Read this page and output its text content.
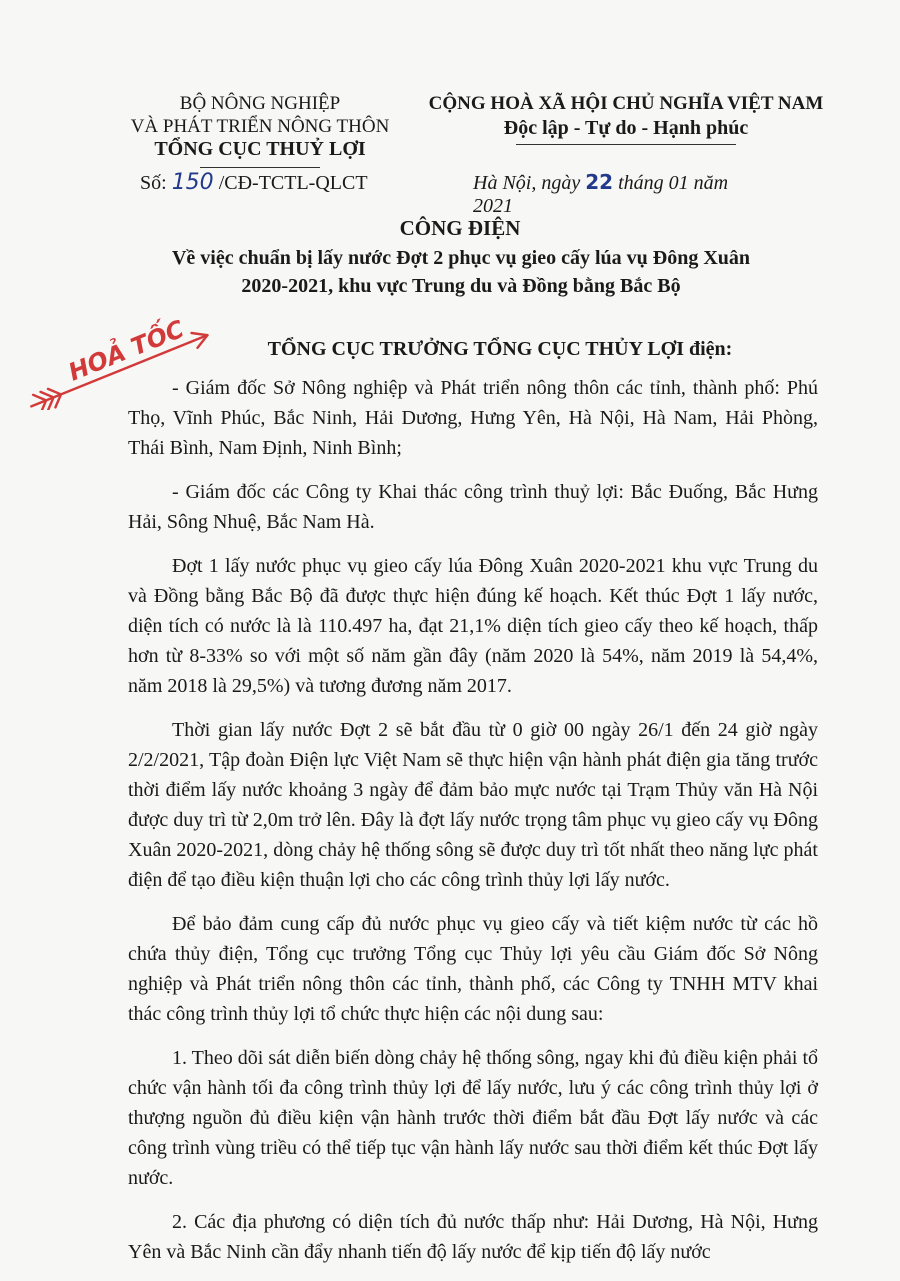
BỘ NÔNG NGHIỆP
VÀ PHÁT TRIỂN NÔNG THÔN
TỔNG CỤC THUỶ LỢI
CỘNG HOÀ XÃ HỘI CHỦ NGHĨA VIỆT NAM
Độc lập - Tự do - Hạnh phúc
Số: 150 /CĐ-TCTL-QLCT	Hà Nội, ngày 22 tháng 01 năm 2021
CÔNG ĐIỆN
Về việc chuẩn bị lấy nước Đợt 2 phục vụ gieo cấy lúa vụ Đông Xuân
2020-2021, khu vực Trung du và Đồng bằng Bắc Bộ
HOẢ TỐC	TỔNG CỤC TRƯỞNG TỔNG CỤC THỦY LỢI điện:

- Giám đốc Sở Nông nghiệp và Phát triển nông thôn các tỉnh, thành phố: Phú Thọ, Vĩnh Phúc, Bắc Ninh, Hải Dương, Hưng Yên, Hà Nội, Hà Nam, Hải Phòng, Thái Bình, Nam Định, Ninh Bình;

- Giám đốc các Công ty Khai thác công trình thuỷ lợi: Bắc Đuống, Bắc Hưng Hải, Sông Nhuệ, Bắc Nam Hà.

Đợt 1 lấy nước phục vụ gieo cấy lúa Đông Xuân 2020-2021 khu vực Trung du và Đồng bằng Bắc Bộ đã được thực hiện đúng kế hoạch. Kết thúc Đợt 1 lấy nước, diện tích có nước là là 110.497 ha, đạt 21,1% diện tích gieo cấy theo kế hoạch, thấp hơn từ 8-33% so với một số năm gần đây (năm 2020 là 54%, năm 2019 là 54,4%, năm 2018 là 29,5%) và tương đương năm 2017.

Thời gian lấy nước Đợt 2 sẽ bắt đầu từ 0 giờ 00 ngày 26/1 đến 24 giờ ngày 2/2/2021, Tập đoàn Điện lực Việt Nam sẽ thực hiện vận hành phát điện gia tăng trước thời điểm lấy nước khoảng 3 ngày để đảm bảo mực nước tại Trạm Thủy văn Hà Nội được duy trì từ 2,0m trở lên. Đây là đợt lấy nước trọng tâm phục vụ gieo cấy vụ Đông Xuân 2020-2021, dòng chảy hệ thống sông sẽ được duy trì tốt nhất theo năng lực phát điện để tạo điều kiện thuận lợi cho các công trình thủy lợi lấy nước.

Để bảo đảm cung cấp đủ nước phục vụ gieo cấy và tiết kiệm nước từ các hồ chứa thủy điện, Tổng cục trưởng Tổng cục Thủy lợi yêu cầu Giám đốc Sở Nông nghiệp và Phát triển nông thôn các tỉnh, thành phố, các Công ty TNHH MTV khai thác công trình thủy lợi tổ chức thực hiện các nội dung sau:

1. Theo dõi sát diễn biến dòng chảy hệ thống sông, ngay khi đủ điều kiện phải tổ chức vận hành tối đa công trình thủy lợi để lấy nước, lưu ý các công trình thủy lợi ở thượng nguồn đủ điều kiện vận hành trước thời điểm bắt đầu Đợt lấy nước và các công trình vùng triều có thể tiếp tục vận hành lấy nước sau thời điểm kết thúc Đợt lấy nước.

2. Các địa phương có diện tích đủ nước thấp như: Hải Dương, Hà Nội, Hưng Yên và Bắc Ninh cần đẩy nhanh tiến độ lấy nước để kịp tiến độ lấy nước
